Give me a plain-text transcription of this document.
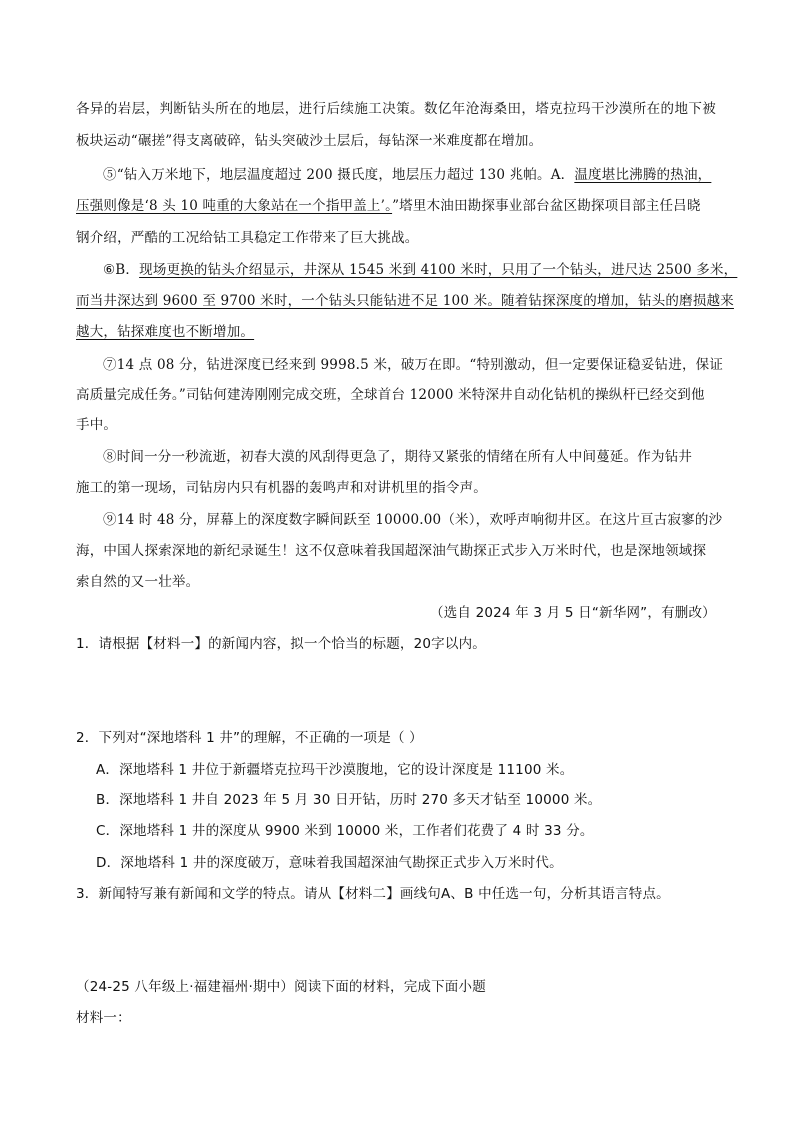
各异的岩层，判断钻头所在的地层，进行后续施工决策。数亿年沧海桑田，塔克拉玛干沙漠所在的地下被
板块运动“碾搓”得支离破碎，钻头突破沙土层后，每钻深一米难度都在增加。
⑤“钻入万米地下，地层温度超过 200 摄氏度，地层压力超过 130 兆帕。A．温度堪比沸腾的热油，
压强则像是‘8 头 10 吨重的大象站在一个指甲盖上’。”塔里木油田勘探事业部台盆区勘探项目部主任吕晓
钢介绍，严酷的工况给钻工具稳定工作带来了巨大挑战。
⑥B．现场更换的钻头介绍显示，井深从 1545 米到 4100 米时，只用了一个钻头，进尺达 2500 多米，
而当井深达到 9600 至 9700 米时，一个钻头只能钻进不足 100 米。随着钻探深度的增加，钻头的磨损越来
越大，钻探难度也不断增加。
⑦14 点 08 分，钻进深度已经来到 9998.5 米，破万在即。“特别激动，但一定要保证稳妥钻进，保证
高质量完成任务。”司钻何建涛刚刚完成交班，全球首台 12000 米特深井自动化钻机的操纵杆已经交到他
手中。
⑧时间一分一秒流逝，初春大漠的风刮得更急了，期待又紧张的情绪在所有人中间蔓延。作为钻井
施工的第一现场，司钻房内只有机器的轰鸣声和对讲机里的指令声。
⑨14 时 48 分，屏幕上的深度数字瞬间跃至 10000.00（米），欢呼声响彻井区。在这片亘古寂寥的沙
海，中国人探索深地的新纪录诞生！这不仅意味着我国超深油气勘探正式步入万米时代，也是深地领域探
索自然的又一壮举。
（选自 2024 年 3 月 5 日“新华网”，有删改）
1．请根据【材料一】的新闻内容，拟一个恰当的标题，20字以内。
2．下列对“深地塔科 1 井”的理解，不正确的一项是（ ）
A．深地塔科 1 井位于新疆塔克拉玛干沙漠腹地，它的设计深度是 11100 米。
B．深地塔科 1 井自 2023 年 5 月 30 日开钻，历时 270 多天才钻至 10000 米。
C．深地塔科 1 井的深度从 9900 米到 10000 米，工作者们花费了 4 时 33 分。
D．深地塔科 1 井的深度破万，意味着我国超深油气勘探正式步入万米时代。
3．新闻特写兼有新闻和文学的特点。请从【材料二】画线句A、B 中任选一句，分析其语言特点。
（24-25 八年级上·福建福州·期中）阅读下面的材料，完成下面小题
材料一：
